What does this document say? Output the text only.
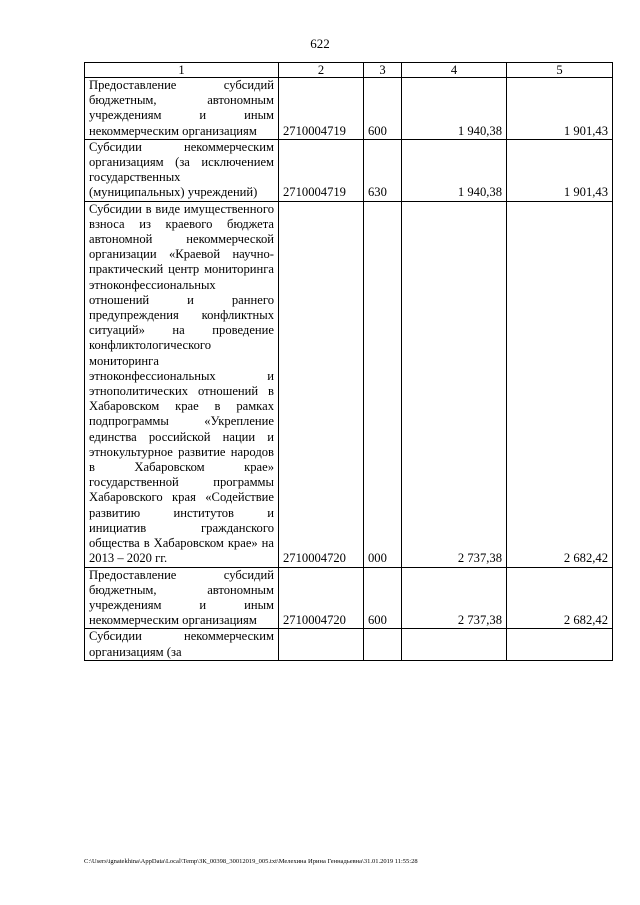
622
1	2	3	4	5
Предоставление субсидий бюджетным, автономным учреждениям и иным некоммерческим организациям	2710004719	600	1 940,38	1 901,43
Субсидии некоммерческим организациям (за исключением государственных (муниципальных) учреждений)	2710004719	630	1 940,38	1 901,43
Субсидии в виде имущественного взноса из краевого бюджета автономной некоммерческой организации «Краевой научно-практический центр мониторинга этноконфессиональных отношений и раннего предупреждения конфликтных ситуаций» на проведение конфликтологического мониторинга этноконфессиональных и этнополитических отношений в Хабаровском крае в рамках подпрограммы «Укрепление единства российской нации и этнокультурное развитие народов в Хабаровском крае» государственной программы Хабаровского края «Содействие развитию институтов и инициатив гражданского общества в Хабаровском крае» на 2013 – 2020 гг.	2710004720	000	2 737,38	2 682,42
Предоставление субсидий бюджетным, автономным учреждениям и иным некоммерческим организациям	2710004720	600	2 737,38	2 682,42
Субсидии некоммерческим организациям (за				
C:\Users\ignatekhina\AppData\Local\Temp\ЗК_00398_30012019_005.txt\Мелехина Ирина Геннадьевна\31.01.2019 11:55:28
